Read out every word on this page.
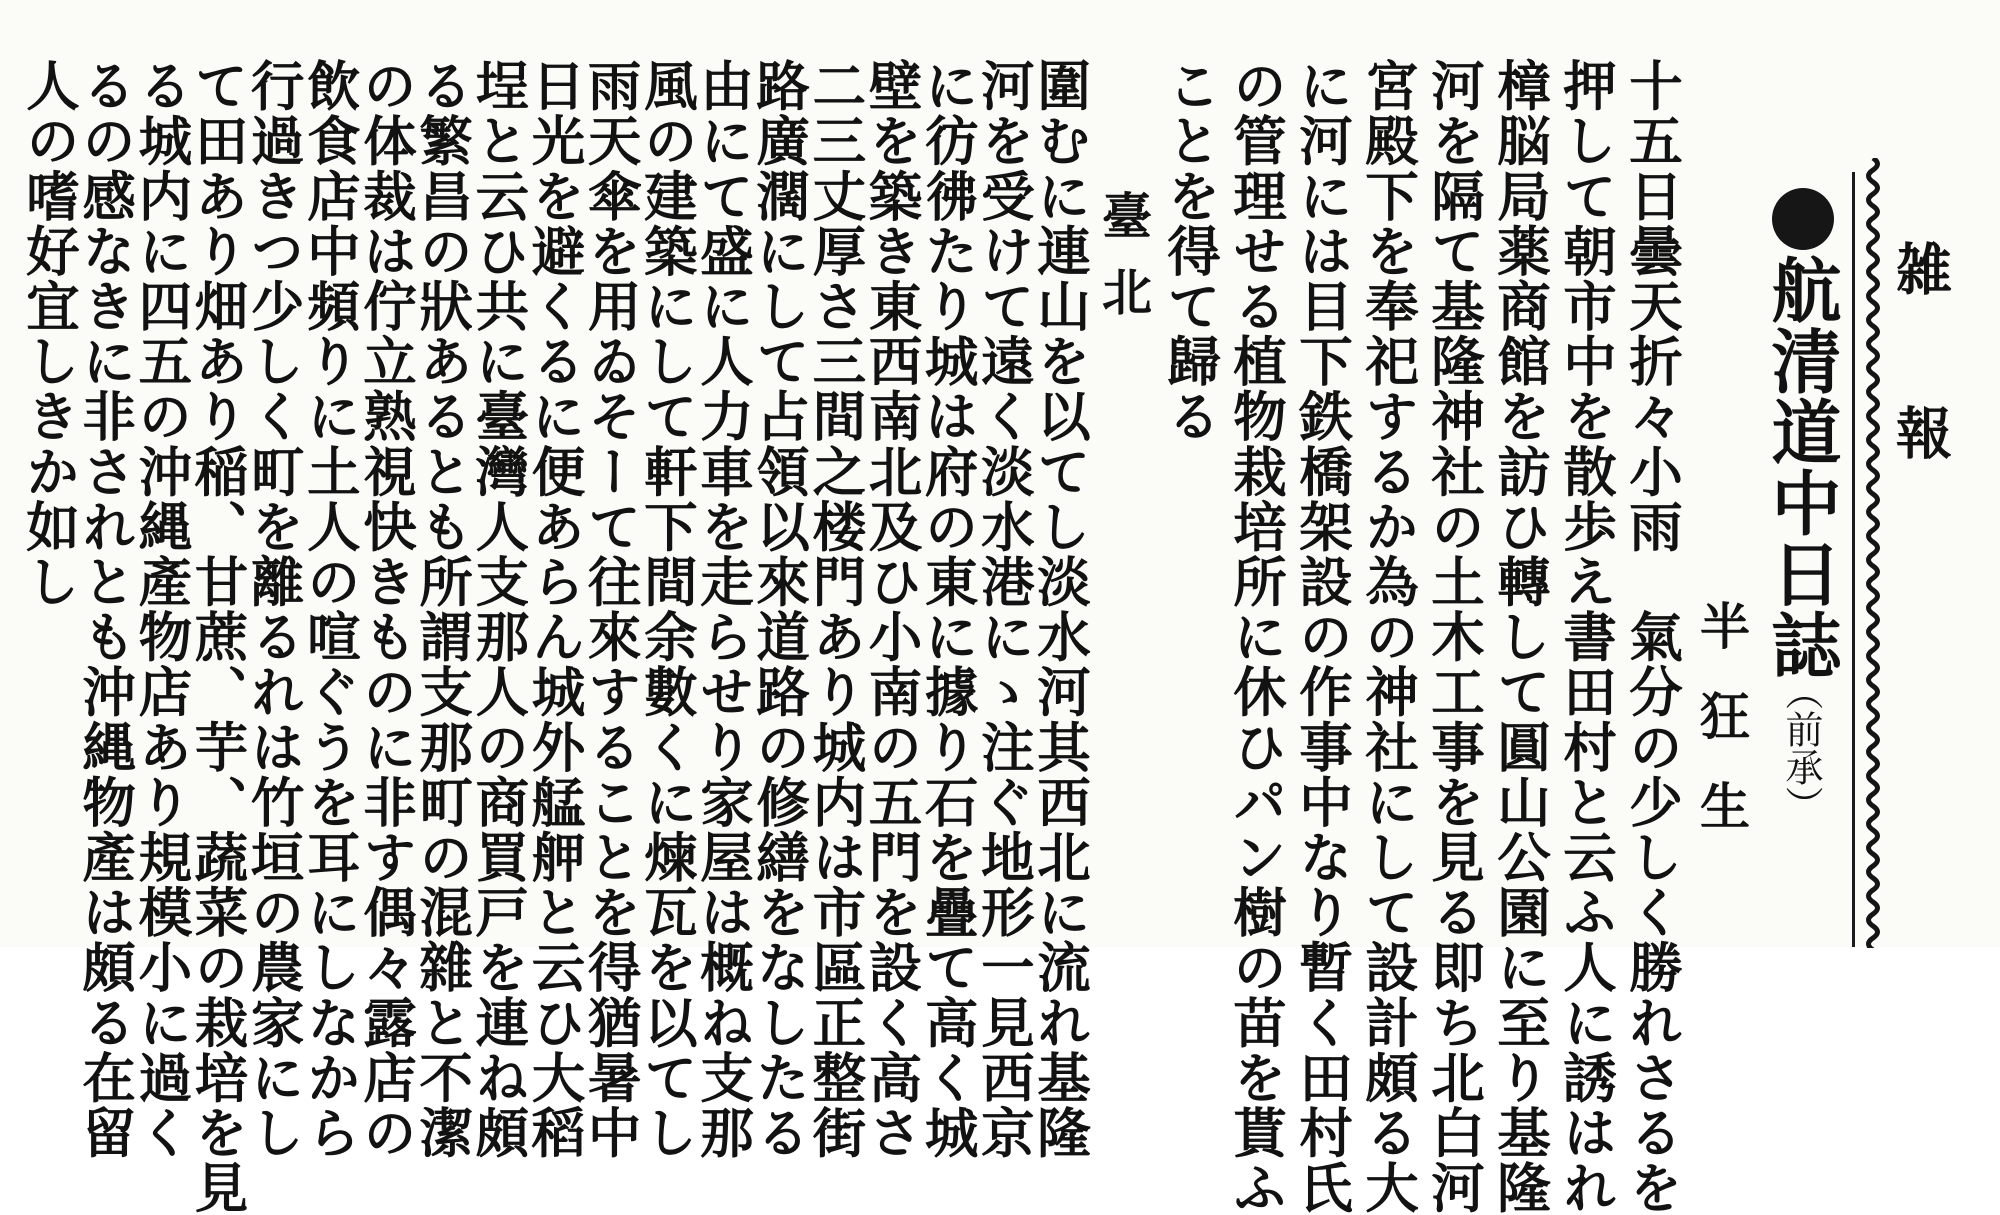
雑報
航清道中日誌
（前承）
半狂生
十五日曇天折々小雨　氣分の少しく勝れさるを
押して朝市中を散歩え書田村と云ふ人に誘はれ
樟脳局薬商館を訪ひ轉して圓山公園に至り基隆
河を隔て基隆神社の土木工事を見る即ち北白河
宮殿下を奉祀するか為の神社にして設計頗る大
に河には目下鉄橋架設の作事中なり暫く田村氏
の管理せる植物栽培所に休ひパン樹の苗を貰ふ
ことを得て歸る
臺北
圍むに連山を以てし淡水河其西北に流れ基隆
河を受けて遠く淡水港にゝ注ぐ地形一見西京
に彷彿たり城は府の東に據り石を疊て高く城
壁を築き東西南北及ひ小南の五門を設く高さ
二三丈厚さ三間之楼門あり城内は市區正整街
路廣濶にして占領以來道路の修繕をなしたる
由にて盛に人力車を走らせり家屋は概ね支那
風の建築にして軒下間余數くに煉瓦を以てし
雨天傘を用ゐそーて往來することを得猶暑中
日光を避くるに便あらん城外艋舺と云ひ大稻
埕と云ひ共に臺灣人支那人の商買戸を連ね頗
る繁昌の狀あるとも所謂支那町の混雜と不潔
の体裁は佇立熟視快きものに非す偶々露店の
飲食店中頻りに土人の喧ぐうを耳にしなから
行過きつ少しく町を離るれは竹垣の農家にし
て田あり畑あり稲、甘蔗、芋、蔬菜の栽培を見
る城内に四五の沖縄產物店あり規模小に過く
るの感なきに非されとも沖縄物產は頗る在留
人の嗜好宜しきか如し
